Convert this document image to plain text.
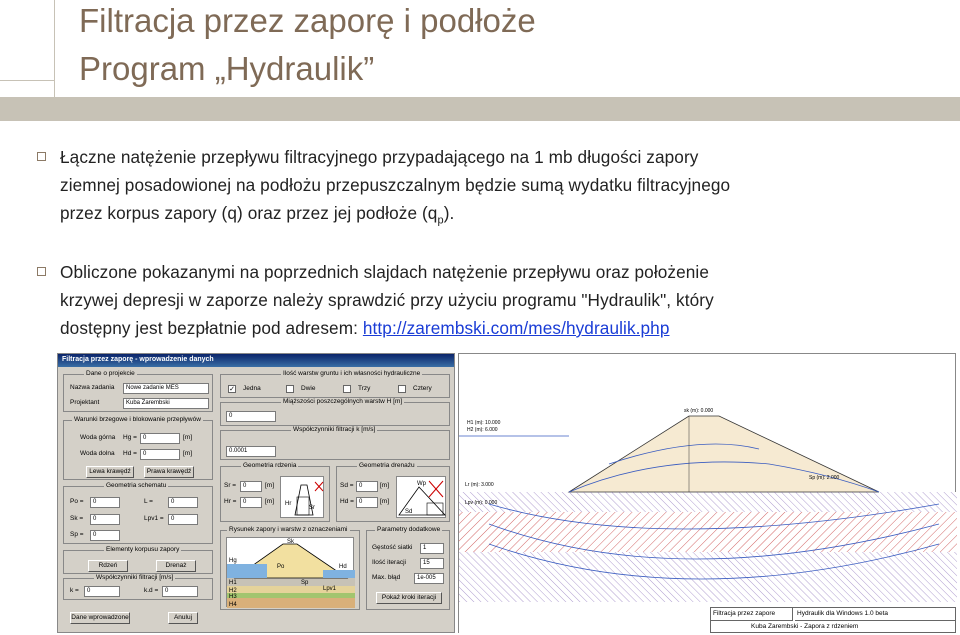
Filtracja przez zaporę i podłoże
Program „Hydraulik”
Łączne natężenie przepływu filtracyjnego przypadającego na 1 mb długości zapory
ziemnej posadowionej na podłożu przepuszczalnym będzie sumą wydatku filtracyjnego
przez korpus zapory (q) oraz przez jej podłoże $(q_p)$.
Obliczone pokazanymi na poprzednich slajdach natężenie przepływu oraz położenie
krzywej depresji w zaporze należy sprawdzić przy użyciu programu "Hydraulik", który
dostępny jest bezpłatnie pod adresem: http://zarembski.com/mes/hydraulik.php
Filtracja przez zaporę - wprowadzenie danych
Dane o projekcie
Nazwa zadania	Nowe zadanie MES
Projektant	Kuba Zarembski
Ilość warstw gruntu i ich własności hydrauliczne
✓ Jedna	Dwie	Trzy	Cztery
Miąższości poszczególnych warstw H [m]
0
Warunki brzegowe i blokowanie przepływów
Woda górna Hg =	0	[m]
Woda dolna Hd =	0	[m]
Lewa krawędź	Prawa krawędź
Współczynniki filtracji k [m/s]
0.0001
Geometria schematu
Po =	0	L =	0
Sk =	0	Lpv1 =	0
Sp =	0
Geometria rdzenia
Sr =	0	[m]
Hr =	0	[m] Hr
Sr
Geometria drenażu
Sd = 0	[m]
Hd = 0	[m]
Wp
Sd
Rysunek zapory i warstw z oznaczeniami
Sk
Hg
Po	Hd
Sp
H1
H2
H3
H4
Lpv1
Parametry dodatkowe
Gęstość siatki	1
Ilość iteracji	15
Max. błąd	1e-005
Pokaż kroki iteracji
Elementy korpusu zapory
Rdzeń	Drenaż
Współczynniki filtracji [m/s]
k =	0	k.d =	0
Dane wprowadzone	Anuluj
sk (m): 0.000
H1 (m): 10.000
H2 (m): 6.000
Lr (m): 3.000
Sp (m): 2.000
Lpv (m): 0.000
Filtracja przez zapore	Hydraulik dla Windows 1.0 beta
Kuba Zarembski - Zapora z rdzeniem
